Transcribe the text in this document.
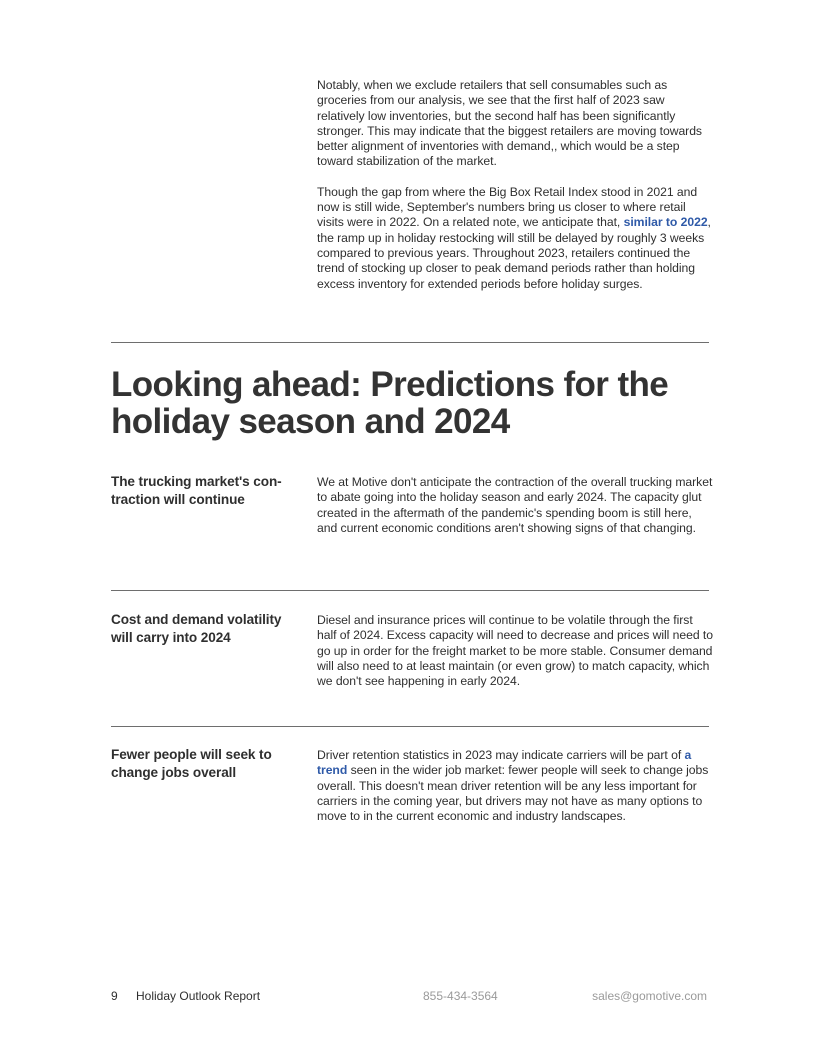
Notably, when we exclude retailers that sell consumables such as groceries from our analysis, we see that the first half of 2023 saw relatively low inventories, but the second half has been significantly stronger. This may indicate that the biggest retailers are moving towards better alignment of inventories with demand,, which would be a step toward stabilization of the market.

Though the gap from where the Big Box Retail Index stood in 2021 and now is still wide, September's numbers bring us closer to where retail visits were in 2022. On a related note, we anticipate that, similar to 2022, the ramp up in holiday restocking will still be delayed by roughly 3 weeks compared to previous years. Throughout 2023, retailers continued the trend of stocking up closer to peak demand periods rather than holding excess inventory for extended periods before holiday surges.

Looking ahead: Predictions for the holiday season and 2024
The trucking market's con-traction will continue
We at Motive don't anticipate the contraction of the overall trucking market to abate going into the holiday season and early 2024. The capacity glut created in the aftermath of the pandemic's spending boom is still here, and current economic conditions aren't showing signs of that changing.
Cost and demand volatility will carry into 2024
Diesel and insurance prices will continue to be volatile through the first half of 2024. Excess capacity will need to decrease and prices will need to go up in order for the freight market to be more stable. Consumer demand will also need to at least maintain (or even grow) to match capacity, which we don't see happening in early 2024.
Fewer people will seek to change jobs overall
Driver retention statistics in 2023 may indicate carriers will be part of a trend seen in the wider job market: fewer people will seek to change jobs overall. This doesn't mean driver retention will be any less important for carriers in the coming year, but drivers may not have as many options to move to in the current economic and industry landscapes.
9 Holiday Outlook Report	855-434-3564	sales@gomotive.com
